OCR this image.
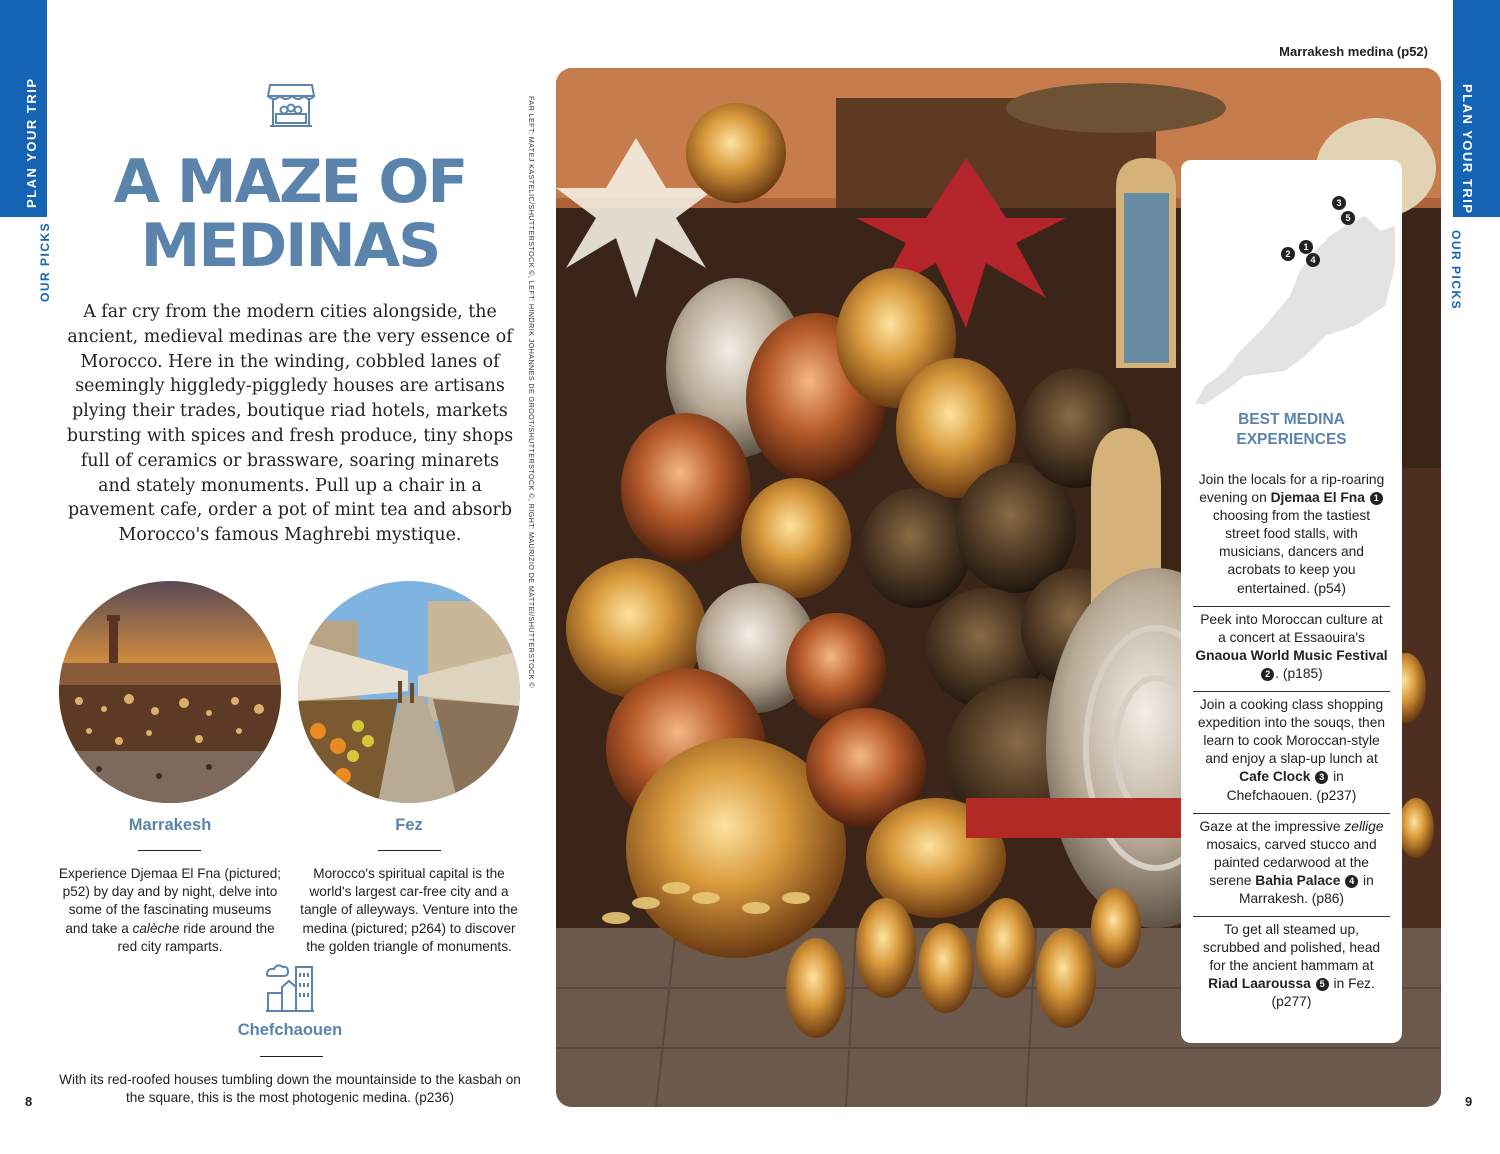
PLAN YOUR TRIP
OUR PICKS
PLAN YOUR TRIP
OUR PICKS
8	9
A MAZE OF
MEDINAS

A far cry from the modern cities alongside, the ancient, medieval medinas are the very essence of Morocco. Here in the winding, cobbled lanes of seemingly higgledy-piggledy houses are artisans plying their trades, boutique riad hotels, markets bursting with spices and fresh produce, tiny shops full of ceramics or brassware, soaring minarets and stately monuments. Pull up a chair in a pavement cafe, order a pot of mint tea and absorb Morocco's famous Maghrebi mystique.

Marrakesh
Experience Djemaa El Fna (pictured; p52) by day and by night, delve into some of the fascinating museums and take a calèche ride around the red city ramparts.
Fez
Morocco's spiritual capital is the world's largest car-free city and a tangle of alleyways. Venture into the medina (pictured; p264) to discover the golden triangle of monuments.
Chefchaouen
With its red-roofed houses tumbling down the mountainside to the kasbah on the square, this is the most photogenic medina. (p236)
FAR LEFT: MATEJ KASTELIC/SHUTTERSTOCK ©, LEFT: HINDRIK JOHANNES DE GROOT/SHUTTERSTOCK ©, RIGHT: MAURIZIO DE MATTEI/SHUTTERSTOCK ©
Marrakesh medina (p52)
3
5
2
1
4
BEST MEDINA
EXPERIENCES
Join the locals for a rip-roaring evening on Djemaa El Fna 1 choosing from the tastiest street food stalls, with musicians, dancers and acrobats to keep you entertained. (p54)
Peek into Moroccan culture at a concert at Essaouira's Gnaoua World Music Festival 2 . (p185)
Join a cooking class shopping expedition into the souqs, then learn to cook Moroccan-style and enjoy a slap-up lunch at Cafe Clock 3 in Chefchaouen. (p237)
Gaze at the impressive zellige mosaics, carved stucco and painted cedarwood at the serene Bahia Palace 4 in Marrakesh. (p86)
To get all steamed up, scrubbed and polished, head for the ancient hammam at Riad Laaroussa 5 in Fez. (p277)
